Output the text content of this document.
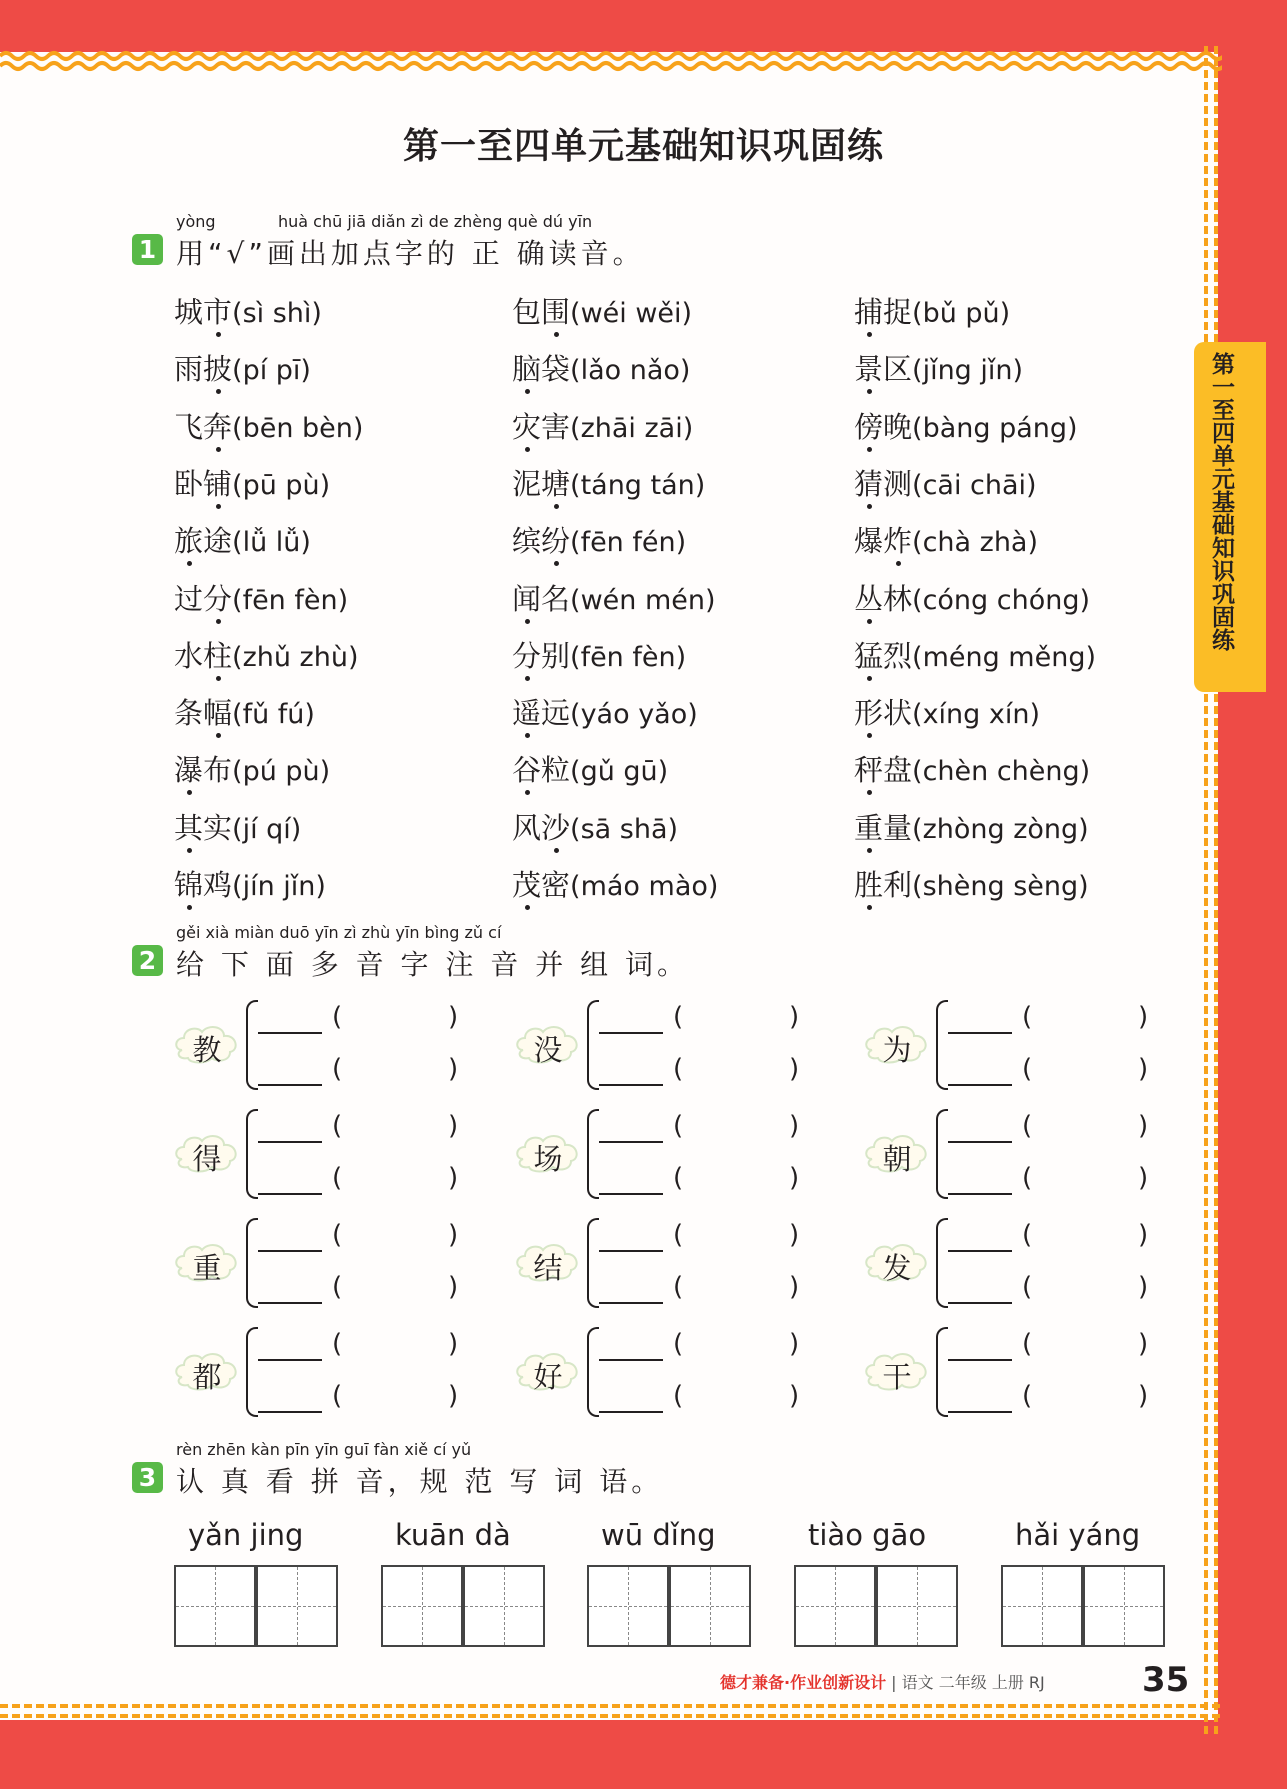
第一至四单元基础知识巩固练
第一至四单元基础知识巩固练
1
yòng	huà chū jiā diǎn zì de zhèng què dú yīn
用“√”画出加点字的 正 确读音。
城市(sì shì)	包围(wéi wěi)	捕捉(bǔ pǔ)
雨披(pí pī)	脑袋(lǎo nǎo)	景区(jǐng jǐn)
飞奔(bēn bèn)	灾害(zhāi zāi)	傍晚(bàng páng)
卧铺(pū pù)	泥塘(táng tán)	猜测(cāi chāi)
旅途(lǚ lǚ)	缤纷(fēn fén)	爆炸(chà zhà)
过分(fēn fèn)	闻名(wén mén)	丛林(cóng chóng)
水柱(zhǔ zhù)	分别(fēn fèn)	猛烈(méng měng)
条幅(fǔ fú)	遥远(yáo yǎo)	形状(xíng xín)
瀑布(pú pù)	谷粒(gǔ gū)	秤盘(chèn chèng)
其实(jí qí)	风沙(sā shā)	重量(zhòng zòng)
锦鸡(jín jǐn)	茂密(máo mào)	胜利(shèng sèng)
2
gěi xià miàn duō yīn zì zhù yīn bìng zǔ cí
给 下 面 多 音 字 注 音 并 组 词。
教
(	)
(	)
没
(	)
(	)
为
(	)
(	)
得
(	)
(	)
场
(	)
(	)
朝
(	)
(	)
重
(	)
(	)
结
(	)
(	)
发
(	)
(	)
都
(	)
(	)
好
(	)
(	)
干
(	)
(	)
3
rèn zhēn kàn pīn yīn guī fàn xiě cí yǔ
认 真 看 拼 音，规 范 写 词 语。
yǎn jing	kuān dà	wū dǐng	tiào gāo	hǎi yáng
德才兼备·作业创新设计 | 语文 二年级 上册 RJ	35
